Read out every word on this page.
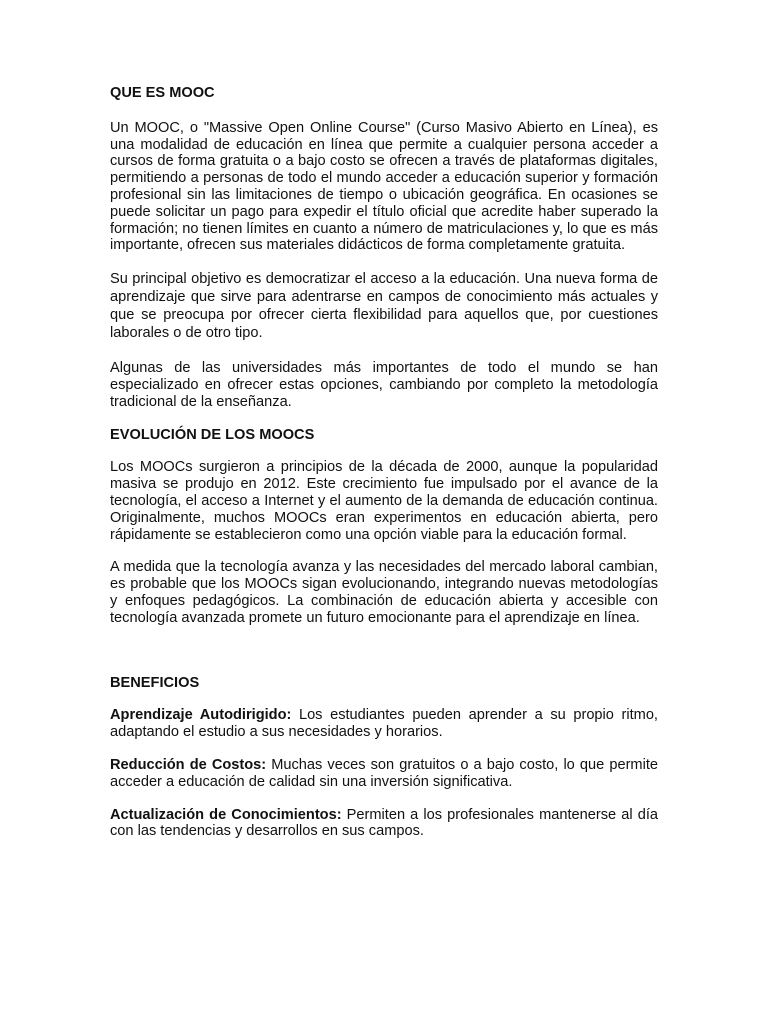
QUE ES MOOC

Un MOOC, o "Massive Open Online Course" (Curso Masivo Abierto en Línea), es una modalidad de educación en línea que permite a cualquier persona acceder a cursos de forma gratuita o a bajo costo se ofrecen a través de plataformas digitales, permitiendo a personas de todo el mundo acceder a educación superior y formación profesional sin las limitaciones de tiempo o ubicación geográfica. En ocasiones se puede solicitar un pago para expedir el título oficial que acredite haber superado la formación; no tienen límites en cuanto a número de matriculaciones y, lo que es más importante, ofrecen sus materiales didácticos de forma completamente gratuita.

Su principal objetivo es democratizar el acceso a la educación. Una nueva forma de aprendizaje que sirve para adentrarse en campos de conocimiento más actuales y que se preocupa por ofrecer cierta flexibilidad para aquellos que, por cuestiones laborales o de otro tipo.

Algunas de las universidades más importantes de todo el mundo se han especializado en ofrecer estas opciones, cambiando por completo la metodología tradicional de la enseñanza.

EVOLUCIÓN DE LOS MOOCS

Los MOOCs surgieron a principios de la década de 2000, aunque la popularidad masiva se produjo en 2012. Este crecimiento fue impulsado por el avance de la tecnología, el acceso a Internet y el aumento de la demanda de educación continua. Originalmente, muchos MOOCs eran experimentos en educación abierta, pero rápidamente se establecieron como una opción viable para la educación formal.

A medida que la tecnología avanza y las necesidades del mercado laboral cambian, es probable que los MOOCs sigan evolucionando, integrando nuevas metodologías y enfoques pedagógicos. La combinación de educación abierta y accesible con tecnología avanzada promete un futuro emocionante para el aprendizaje en línea.

BENEFICIOS

Aprendizaje Autodirigido: Los estudiantes pueden aprender a su propio ritmo, adaptando el estudio a sus necesidades y horarios.

Reducción de Costos: Muchas veces son gratuitos o a bajo costo, lo que permite acceder a educación de calidad sin una inversión significativa.

Actualización de Conocimientos: Permiten a los profesionales mantenerse al día con las tendencias y desarrollos en sus campos.
